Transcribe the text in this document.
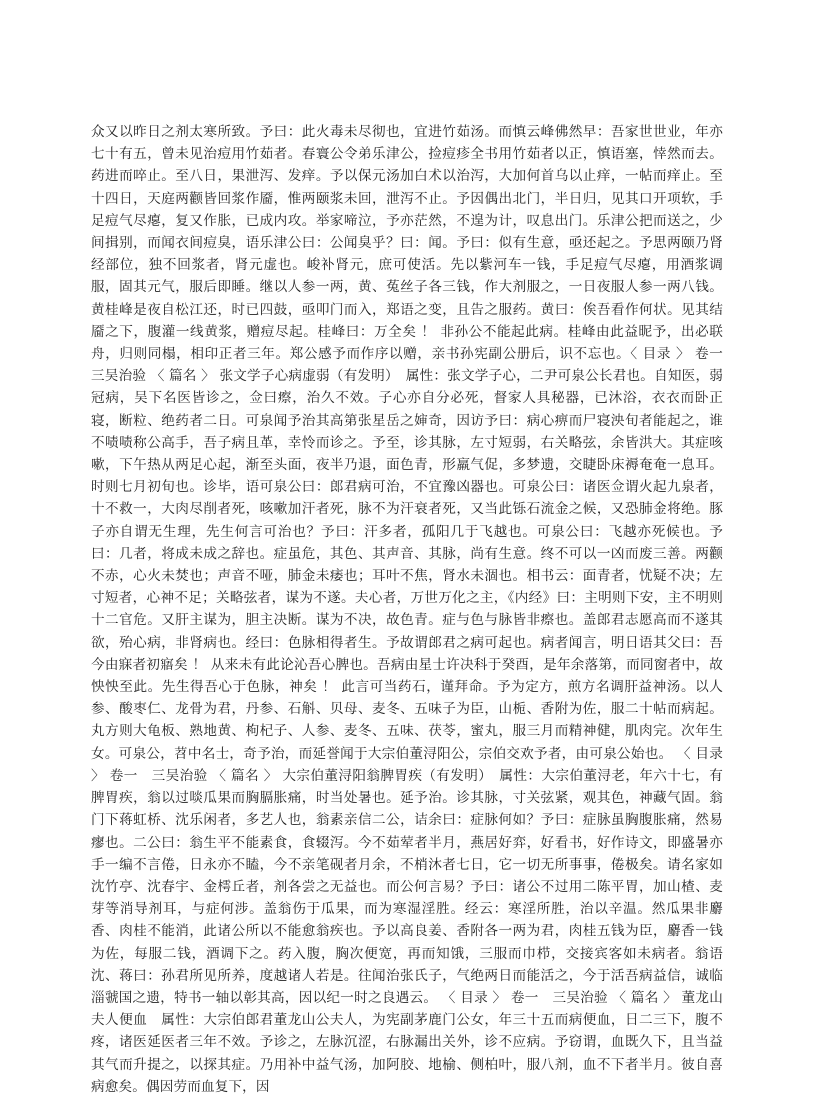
众又以昨日之剂太寒所致。予曰：此火毒未尽彻也，宜进竹茹汤。而慎云峰佛然早：吾家世世业，年亦七十有五，曾未见治痘用竹茹者。春寰公令弟乐津公，捡痘疹全书用竹茹者以正，慎语塞，悻然而去。药进而啐止。至八日，果泄泻、发痒。予以保元汤加白术以治泻，大加何首乌以止痒，一帖而痒止。至十四日，天庭两颧皆回浆作靥，惟两颐浆未回，泄泻不止。予因偶出北门，半日归，见其口开项软，手足痘气尽瘪，复又作胀，已成内攻。举家啼泣，予亦茫然，不遑为计，叹息出门。乐津公把而送之，少间揖别，而闻衣间痘臭，语乐津公曰：公闻臭乎？曰：闻。予曰：似有生意，亟还起之。予思两颐乃肾经部位，独不回浆者，肾元虚也。峻补肾元，庶可使活。先以紫河车一钱，手足痘气尽瘪，用酒浆调服，固其元气，服后即睡。继以人参一两，黄、菟丝子各三钱，作大剂服之，一日夜服人参一两八钱。黄桂峰是夜自松江还，时已四鼓，亟叩门而入，郑语之变，且告之服药。黄曰：俟吾看作何状。见其结靥之下，腹灌一线黄浆，赠痘尽起。桂峰曰：万全矣 ！ 非孙公不能起此病。桂峰由此益昵予，出必联舟，归则同榻，相印正者三年。郑公感予而作序以赠，亲书孙宪副公册后，识不忘也。〈 目录 〉 卷一　三吴治验 〈 篇名 〉 张文学子心病虚弱（有发明）　属性：张文学子心，二尹可泉公长君也。自知医，弱冠病，吴下名医皆诊之，佥曰瘵，治久不效。子心亦自分必死，督家人具秘器，已沐浴，衣衣而卧正寝，断粒、绝药者二日。可泉闻予治其高第张星岳之婶奇，因访予曰：病心痹而尸寝泱旬者能起之，谁不啧啧称公高手，吾子病且革，幸怜而诊之。予至，诊其脉，左寸短弱，右关略弦，余皆洪大。其症咳嗽，下午热从两足心起，渐至头面，夜半乃退，面色青，形羸气促，多梦遗，交睫卧床褥奄奄一息耳。时则七月初旬也。诊毕，语可泉公曰：郎君病可治，不宜豫凶器也。可泉公曰：诸医佥谓火起九泉者，十不救一，大肉尽削者死，咳嗽加汗者死，脉不为汗衰者死，又当此铄石流金之候，又恐肺金将绝。豚子亦自谓无生理，先生何言可治也？予曰：汗多者，孤阳几于飞越也。可泉公曰：飞越亦死候也。予曰：几者，将成未成之辞也。症虽危，其色、其声音、其脉，尚有生意。终不可以一凶而废三善。两颧不赤，心火未焚也；声音不哑，肺金未痿也；耳叶不焦，肾水未涸也。相书云：面青者，忧疑不决；左寸短者，心神不足；关略弦者，谋为不遂。夫心者，万世万化之主，《内经》曰：主明则下安，主不明则十二官危。又肝主谋为，胆主决断。谋为不决，故色青。症与色与脉皆非瘵也。盖郎君志愿高而不遂其欲，殆心病，非肾病也。经曰：色脉相得者生。予故谓郎君之病可起也。病者闻言，明日语其父曰：吾今由寐者初寤矣 ！ 从来未有此论沁吾心脾也。吾病由星士许决科于癸酉，是年余落第，而同窗者中，故怏怏至此。先生得吾心于色脉，神矣 ！ 此言可当药石，谨拜命。予为定方，煎方名调肝益神汤。以人参、酸枣仁、龙骨为君，丹参、石斛、贝母、麦冬、五味子为臣，山栀、香附为佐，服二十帖而病起。丸方则大龟板、熟地黄、枸杞子、人参、麦冬、五味、茯苓，蜜丸，服三月而精神健，肌肉完。次年生女。可泉公，苕中名士，奇予治，而延誉闻于大宗伯董浔阳公，宗伯交欢予者，由可泉公始也。 〈 目录 〉 卷一　三吴治验 〈 篇名 〉 大宗伯董浔阳翁脾胃疾（有发明）　属性：大宗伯董浔老，年六十七，有脾胃疾，翁以过啖瓜果而胸膈胀痛，时当处暑也。延予治。诊其脉，寸关弦紧，观其色，神藏气固。翁门下蒋虹桥、沈乐闲者，多艺人也，翁素亲信二公，诘余曰：症脉何如？予曰：症脉虽胸腹胀痛，然易瘳也。二公曰：翁生平不能素食，食辍泻。今不茹荤者半月，燕居好弈，好看书，好作诗文，即盛暑亦手一编不言倦，日永亦不瞌，今不亲笔砚者月余，不梢沐者七日，它一切无所事事，倦极矣。请名家如沈竹亭、沈春宇、金樗丘者，剂各尝之无益也。而公何言易？予曰：诸公不过用二陈平胃，加山楂、麦芽等消导剂耳，与症何涉。盖翁伤于瓜果，而为寒湿淫胜。经云：寒淫所胜，治以辛温。然瓜果非麝香、肉桂不能消，此诸公所以不能愈翁疾也。予以高良姜、香附各一两为君，肉桂五钱为臣，麝香一钱为佐，每服二钱，酒调下之。药入腹，胸次便宽，再而知饿，三服而巾栉，交接宾客如未病者。翁语沈、蒋曰：孙君所见所养，度越诸人若是。往闻治张氏子，气绝两日而能活之，今于活吾病益信，诚临淄虢国之遗，特书一轴以彰其高，因以纪一时之良遇云。 〈 目录 〉 卷一　三吴治验 〈 篇名 〉 董龙山夫人便血　属性：大宗伯郎君董龙山公夫人，为宪副茅鹿门公女，年三十五而病便血，日二三下，腹不疼，诸医延医者三年不效。予诊之，左脉沉涩，右脉漏出关外，诊不应病。予窃谓，血既久下，且当益其气而升提之，以探其症。乃用补中益气汤，加阿胶、地榆、侧柏叶，服八剂，血不下者半月。彼自喜病愈矣。偶因劳而血复下，因
